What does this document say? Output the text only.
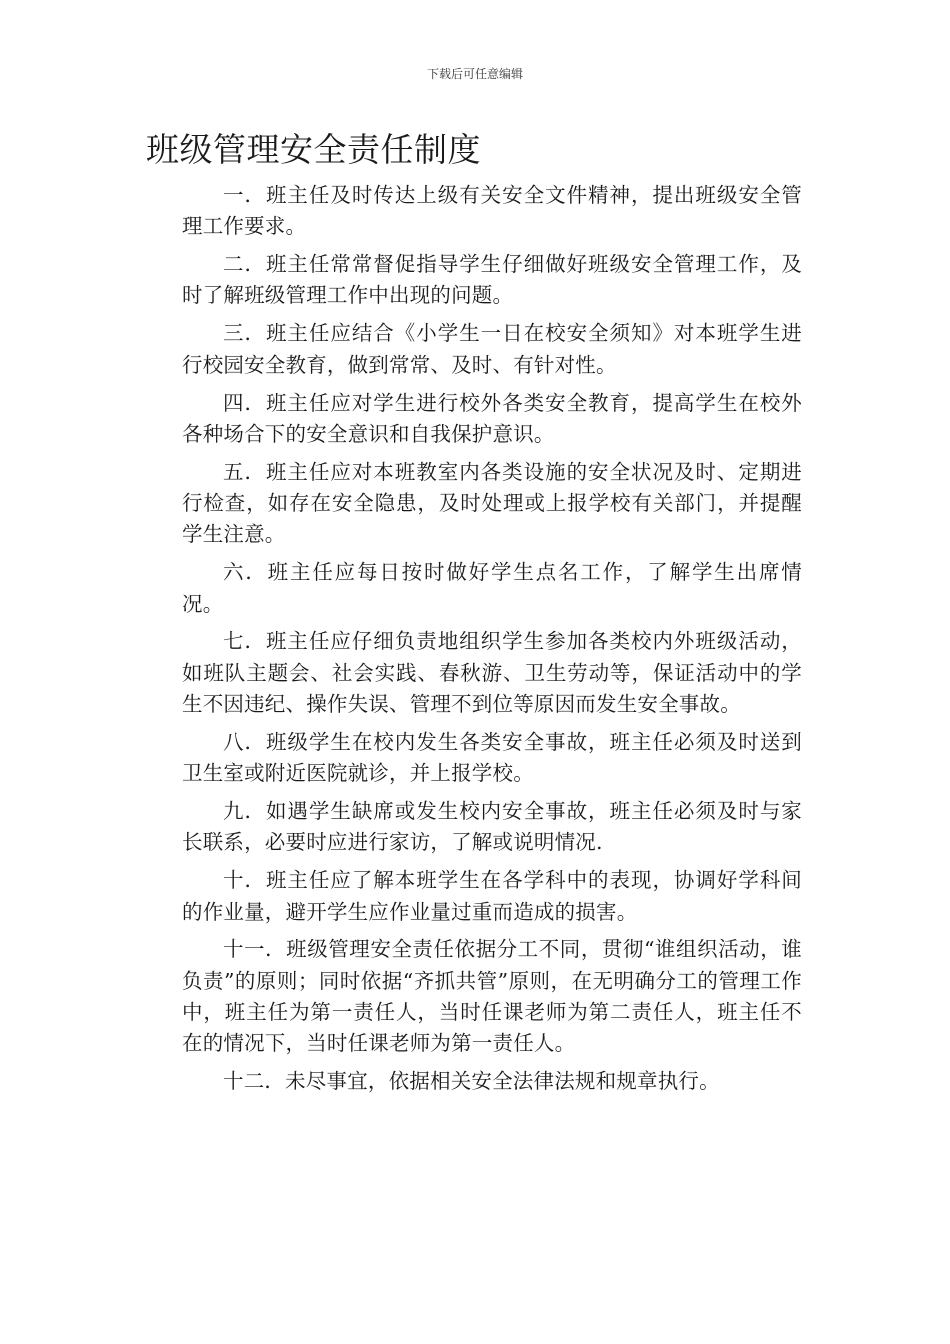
下载后可任意编辑
班级管理安全责任制度

一．班主任及时传达上级有关安全文件精神，提出班级安全管理工作要求。

二．班主任常常督促指导学生仔细做好班级安全管理工作，及时了解班级管理工作中出现的问题。

三．班主任应结合《小学生一日在校安全须知》对本班学生进行校园安全教育，做到常常、及时、有针对性。

四．班主任应对学生进行校外各类安全教育，提高学生在校外各种场合下的安全意识和自我保护意识。

五．班主任应对本班教室内各类设施的安全状况及时、定期进行检查，如存在安全隐患，及时处理或上报学校有关部门，并提醒学生注意。

六．班主任应每日按时做好学生点名工作，了解学生出席情况。

七．班主任应仔细负责地组织学生参加各类校内外班级活动，如班队主题会、社会实践、春秋游、卫生劳动等，保证活动中的学生不因违纪、操作失误、管理不到位等原因而发生安全事故。

八．班级学生在校内发生各类安全事故，班主任必须及时送到卫生室或附近医院就诊，并上报学校。

九．如遇学生缺席或发生校内安全事故，班主任必须及时与家长联系，必要时应进行家访，了解或说明情况.

十．班主任应了解本班学生在各学科中的表现，协调好学科间的作业量，避开学生应作业量过重而造成的损害。

十一．班级管理安全责任依据分工不同，贯彻“谁组织活动，谁负责”的原则；同时依据“齐抓共管”原则，在无明确分工的管理工作中，班主任为第一责任人，当时任课老师为第二责任人，班主任不在的情况下，当时任课老师为第一责任人。

十二．未尽事宜，依据相关安全法律法规和规章执行。
